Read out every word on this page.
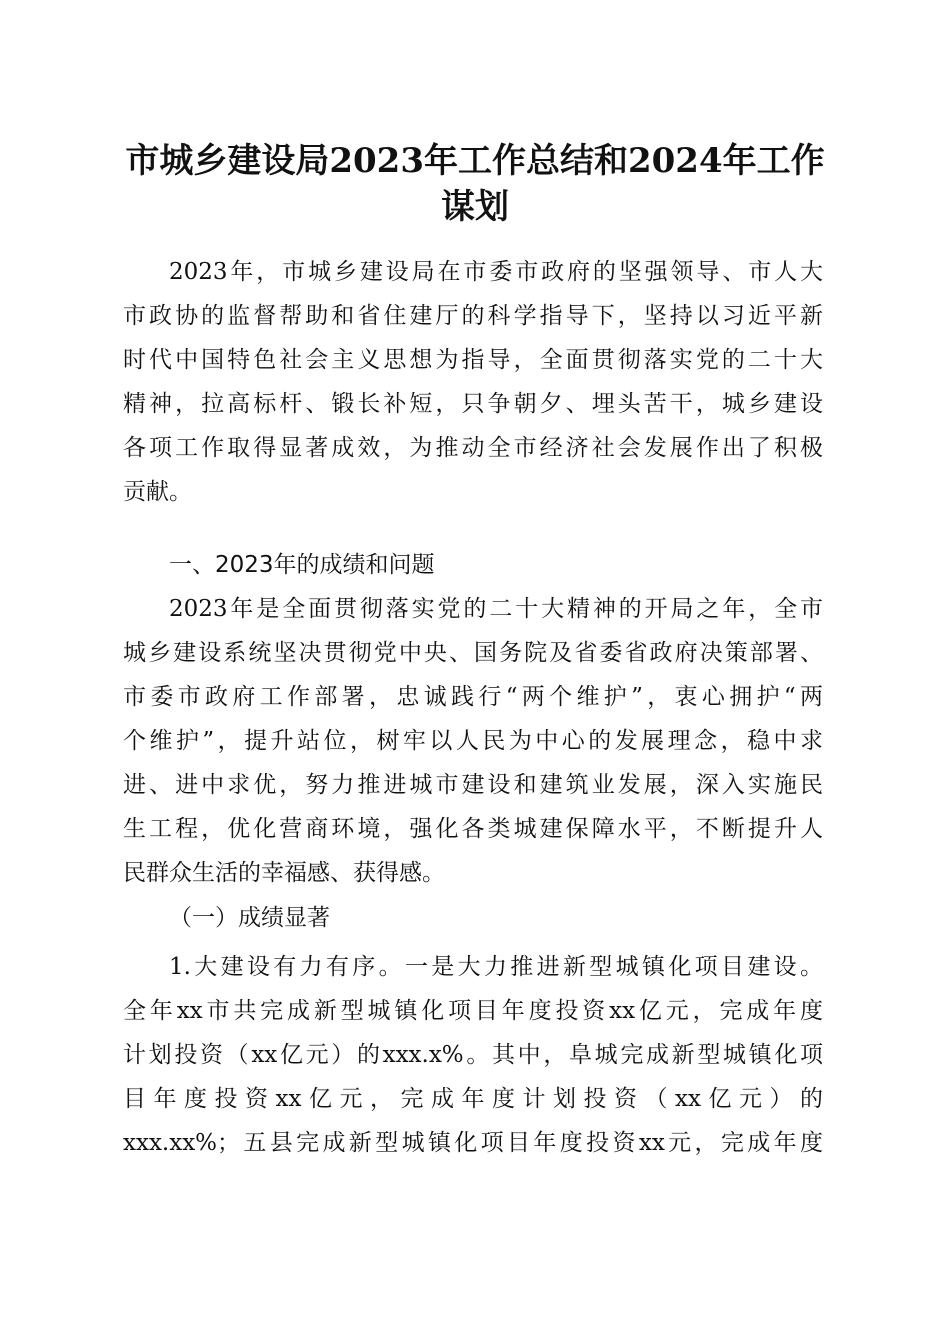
市城乡建设局2023年工作总结和2024年工作
谋划
2023年，市城乡建设局在市委市政府的坚强领导、市人大
市政协的监督帮助和省住建厅的科学指导下，坚持以习近平新
时代中国特色社会主义思想为指导，全面贯彻落实党的二十大
精神，拉高标杆、锻长补短，只争朝夕、埋头苦干，城乡建设
各项工作取得显著成效，为推动全市经济社会发展作出了积极
贡献。
一、2023年的成绩和问题
2023年是全面贯彻落实党的二十大精神的开局之年，全市
城乡建设系统坚决贯彻党中央、国务院及省委省政府决策部署、
市委市政府工作部署，忠诚践行“两个维护”，衷心拥护“两
个维护”，提升站位，树牢以人民为中心的发展理念，稳中求
进、进中求优，努力推进城市建设和建筑业发展，深入实施民
生工程，优化营商环境，强化各类城建保障水平，不断提升人
民群众生活的幸福感、获得感。
（一）成绩显著
1.大建设有力有序。一是大力推进新型城镇化项目建设。
全年xx市共完成新型城镇化项目年度投资xx亿元，完成年度
计划投资（xx亿元）的xxx.x%。其中，阜城完成新型城镇化项
目年度投资xx亿元，完成年度计划投资（xx亿元）的
xxx.xx%；五县完成新型城镇化项目年度投资xx元，完成年度
